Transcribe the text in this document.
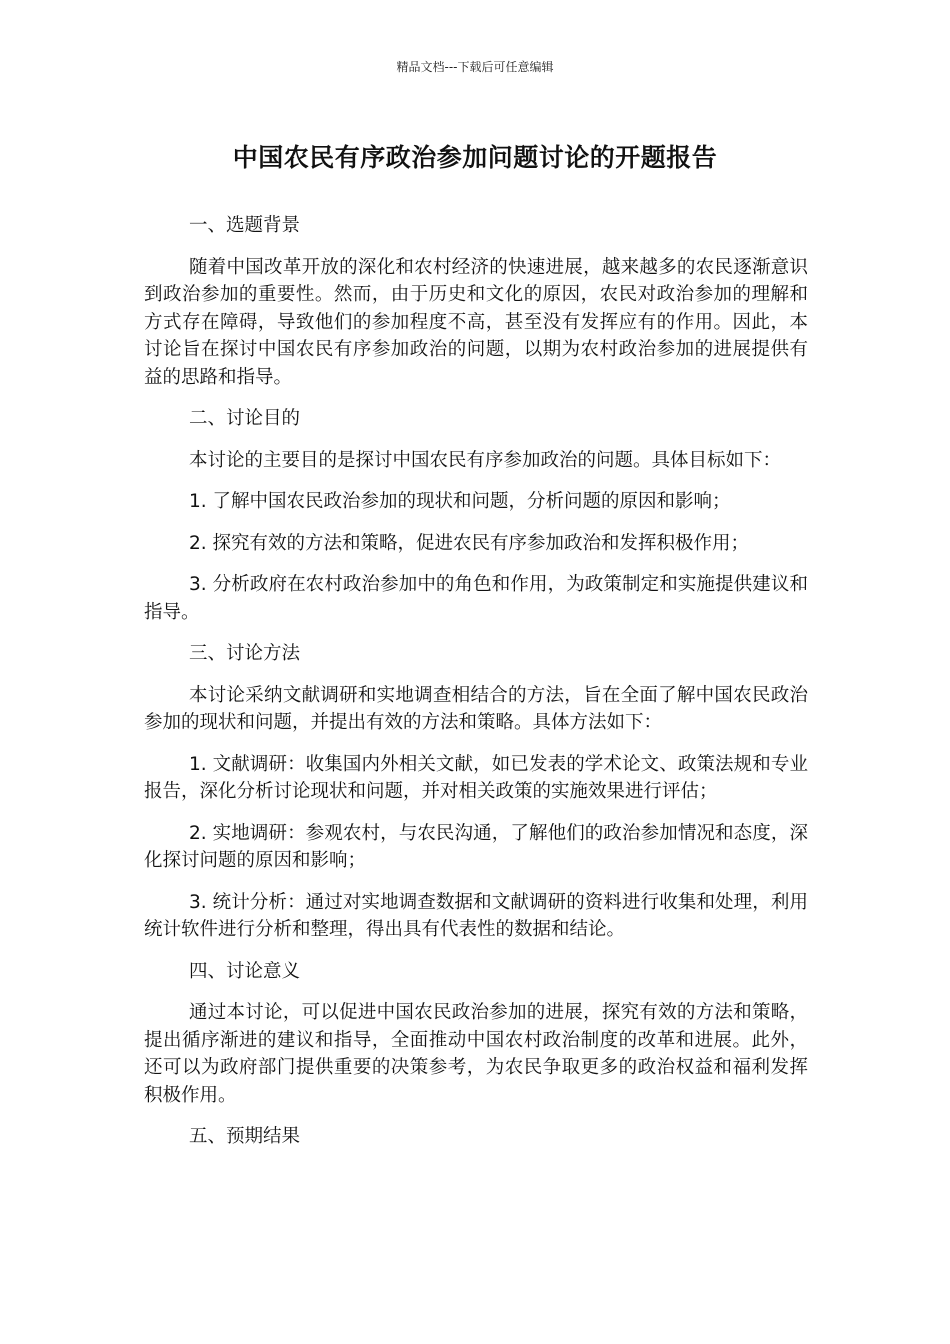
精品文档---下载后可任意编辑
中国农民有序政治参加问题讨论的开题报告

一、选题背景

随着中国改革开放的深化和农村经济的快速进展，越来越多的农民逐渐意识到政治参加的重要性。然而，由于历史和文化的原因，农民对政治参加的理解和方式存在障碍，导致他们的参加程度不高，甚至没有发挥应有的作用。因此，本讨论旨在探讨中国农民有序参加政治的问题，以期为农村政治参加的进展提供有益的思路和指导。

二、讨论目的

本讨论的主要目的是探讨中国农民有序参加政治的问题。具体目标如下：

1. 了解中国农民政治参加的现状和问题，分析问题的原因和影响；

2. 探究有效的方法和策略，促进农民有序参加政治和发挥积极作用；

3. 分析政府在农村政治参加中的角色和作用，为政策制定和实施提供建议和指导。

三、讨论方法

本讨论采纳文献调研和实地调查相结合的方法，旨在全面了解中国农民政治参加的现状和问题，并提出有效的方法和策略。具体方法如下：

1. 文献调研：收集国内外相关文献，如已发表的学术论文、政策法规和专业报告，深化分析讨论现状和问题，并对相关政策的实施效果进行评估；

2. 实地调研：参观农村，与农民沟通，了解他们的政治参加情况和态度，深化探讨问题的原因和影响；

3. 统计分析：通过对实地调查数据和文献调研的资料进行收集和处理，利用统计软件进行分析和整理，得出具有代表性的数据和结论。

四、讨论意义

通过本讨论，可以促进中国农民政治参加的进展，探究有效的方法和策略，提出循序渐进的建议和指导，全面推动中国农村政治制度的改革和进展。此外，还可以为政府部门提供重要的决策参考，为农民争取更多的政治权益和福利发挥积极作用。

五、预期结果
